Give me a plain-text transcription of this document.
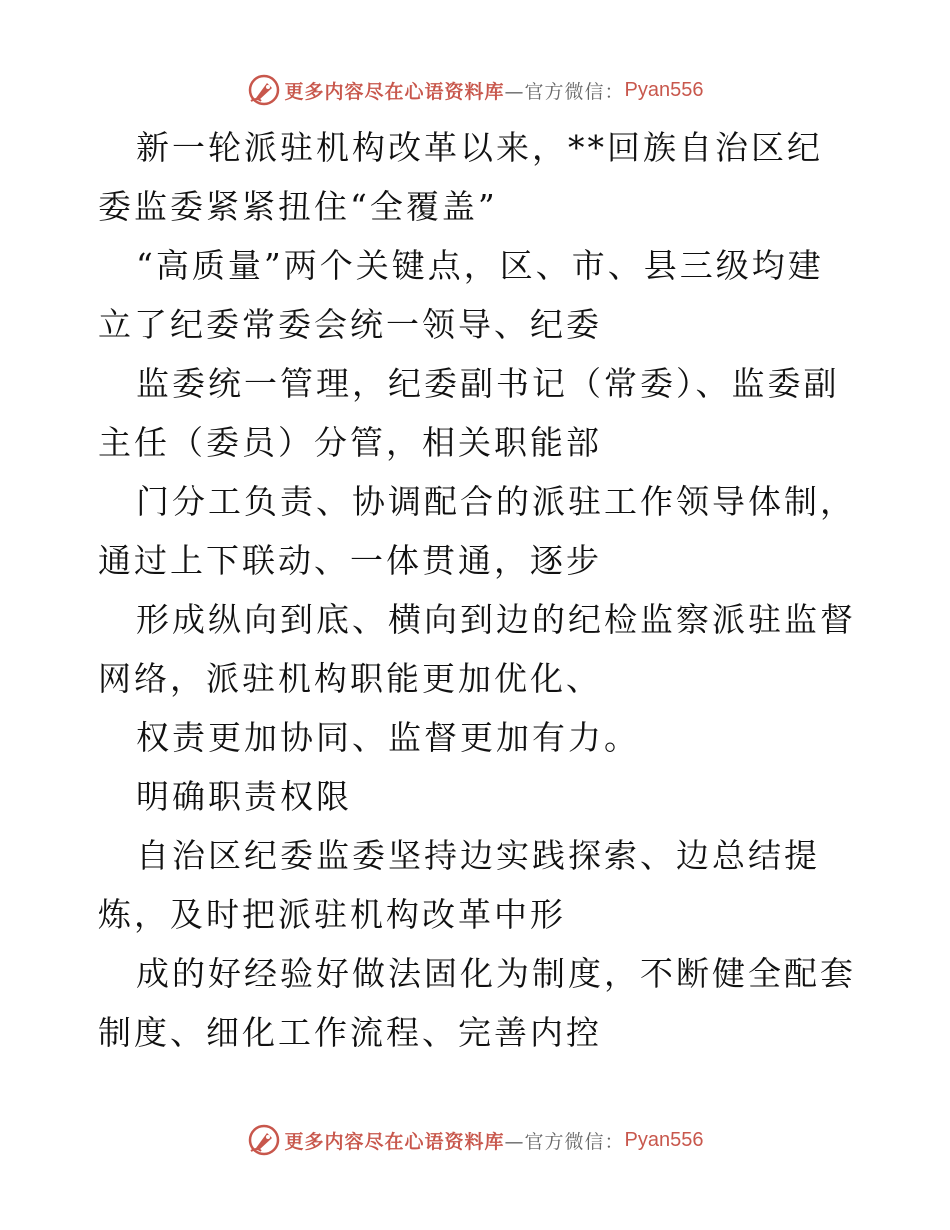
更多内容尽在心语资料库 —官方微信： Pyan556

新一轮派驻机构改革以来，**回族自治区纪委监委紧紧扭住“全覆盖”

“高质量”两个关键点，区、市、县三级均建立了纪委常委会统一领导、纪委

监委统一管理，纪委副书记（常委）、监委副主任（委员）分管，相关职能部

门分工负责、协调配合的派驻工作领导体制，通过上下联动、一体贯通，逐步

形成纵向到底、横向到边的纪检监察派驻监督网络，派驻机构职能更加优化、

权责更加协同、监督更加有力。

明确职责权限

自治区纪委监委坚持边实践探索、边总结提炼，及时把派驻机构改革中形

成的好经验好做法固化为制度，不断健全配套制度、细化工作流程、完善内控

更多内容尽在心语资料库 —官方微信： Pyan556
